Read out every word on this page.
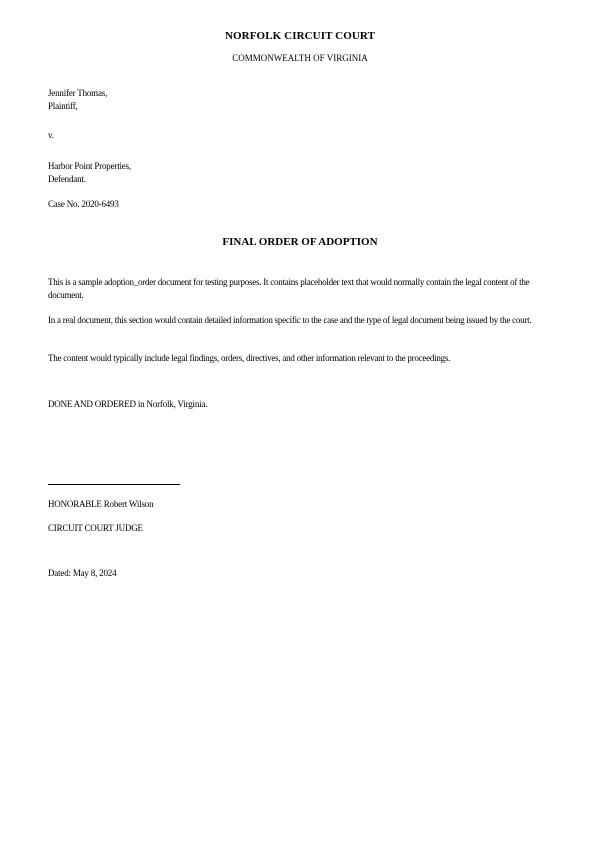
NORFOLK CIRCUIT COURT
COMMONWEALTH OF VIRGINIA
Jennifer Thomas,
Plaintiff,
v.
Harbor Point Properties,
Defendant.
Case No. 2020-6493
FINAL ORDER OF ADOPTION
This is a sample adoption_order document for testing purposes. It contains placeholder text that would normally contain the legal content of the document.
In a real document, this section would contain detailed information specific to the case and the type of legal document being issued by the court.
The content would typically include legal findings, orders, directives, and other information relevant to the proceedings.
DONE AND ORDERED in Norfolk, Virginia.
HONORABLE Robert Wilson
CIRCUIT COURT JUDGE
Dated: May 8, 2024
